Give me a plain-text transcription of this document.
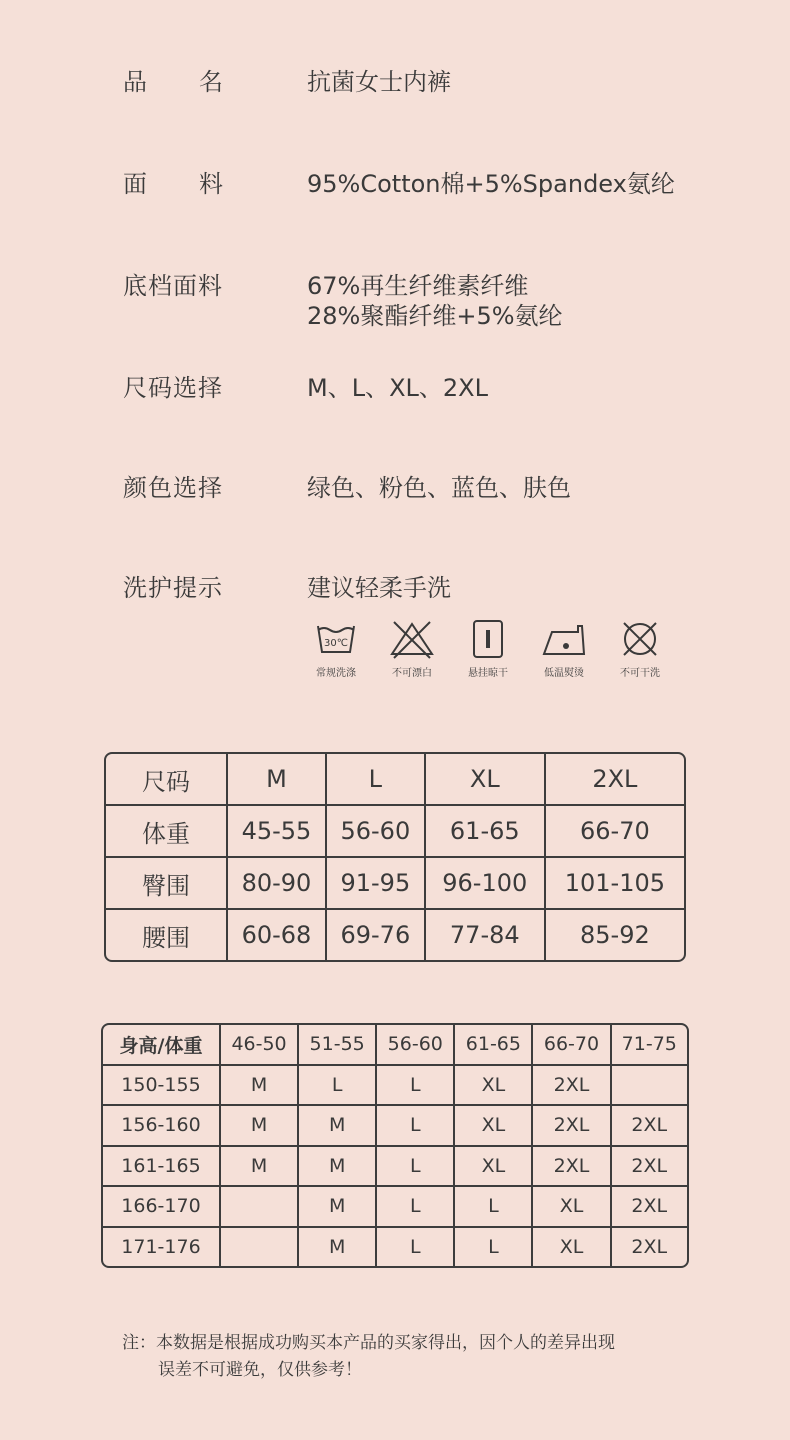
品 名	抗菌女士内裤
面 料	95%Cotton棉+5%Spandex氨纶
底档面料	67%再生纤维素纤维
28%聚酯纤维+5%氨纶
尺码选择	M、L、XL、2XL
颜色选择	绿色、粉色、蓝色、肤色
洗护提示	建议轻柔手洗
30℃
常规洗涤	不可漂白	悬挂晾干	低温熨烫	不可干洗
尺码	M	L	XL	2XL
体重	45-55	56-60	61-65	66-70
臀围	80-90	91-95	96-100	101-105
腰围	60-68	69-76	77-84	85-92
身高/体重	46-50	51-55	56-60	61-65	66-70	71-75
150-155	M	L	L	XL	2XL	
156-160	M	M	L	XL	2XL	2XL
161-165	M	M	L	XL	2XL	2XL
166-170		M	L	L	XL	2XL
171-176		M	L	L	XL	2XL
注：本数据是根据成功购买本产品的买家得出，因个人的差异出现
误差不可避免，仅供参考！
